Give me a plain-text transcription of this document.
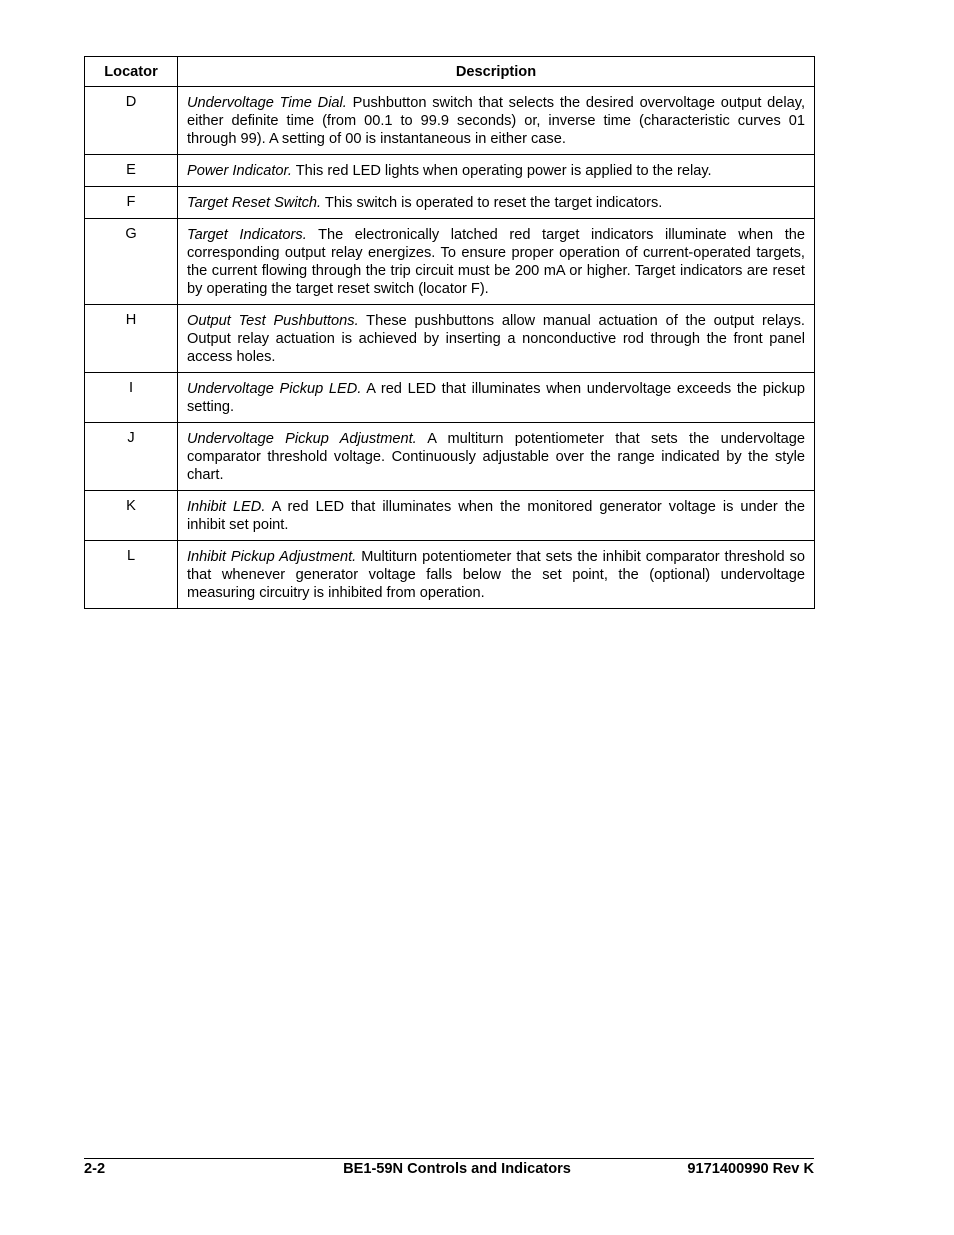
Locator	Description
D	Undervoltage Time Dial. Pushbutton switch that selects the desired overvoltage output delay, either definite time (from 00.1 to 99.9 seconds) or, inverse time (characteristic curves 01 through 99). A setting of 00 is instantaneous in either case.
E	Power Indicator. This red LED lights when operating power is applied to the relay.
F	Target Reset Switch. This switch is operated to reset the target indicators.
G	Target Indicators. The electronically latched red target indicators illuminate when the corresponding output relay energizes. To ensure proper operation of current-operated targets, the current flowing through the trip circuit must be 200 mA or higher. Target indicators are reset by operating the target reset switch (locator F).
H	Output Test Pushbuttons. These pushbuttons allow manual actuation of the output relays. Output relay actuation is achieved by inserting a nonconductive rod through the front panel access holes.
I	Undervoltage Pickup LED. A red LED that illuminates when undervoltage exceeds the pickup setting.
J	Undervoltage Pickup Adjustment. A multiturn potentiometer that sets the undervoltage comparator threshold voltage. Continuously adjustable over the range indicated by the style chart.
K	Inhibit LED. A red LED that illuminates when the monitored generator voltage is under the inhibit set point.
L	Inhibit Pickup Adjustment. Multiturn potentiometer that sets the inhibit comparator threshold so that whenever generator voltage falls below the set point, the (optional) undervoltage measuring circuitry is inhibited from operation.
2-2	BE1-59N Controls and Indicators	9171400990 Rev K
